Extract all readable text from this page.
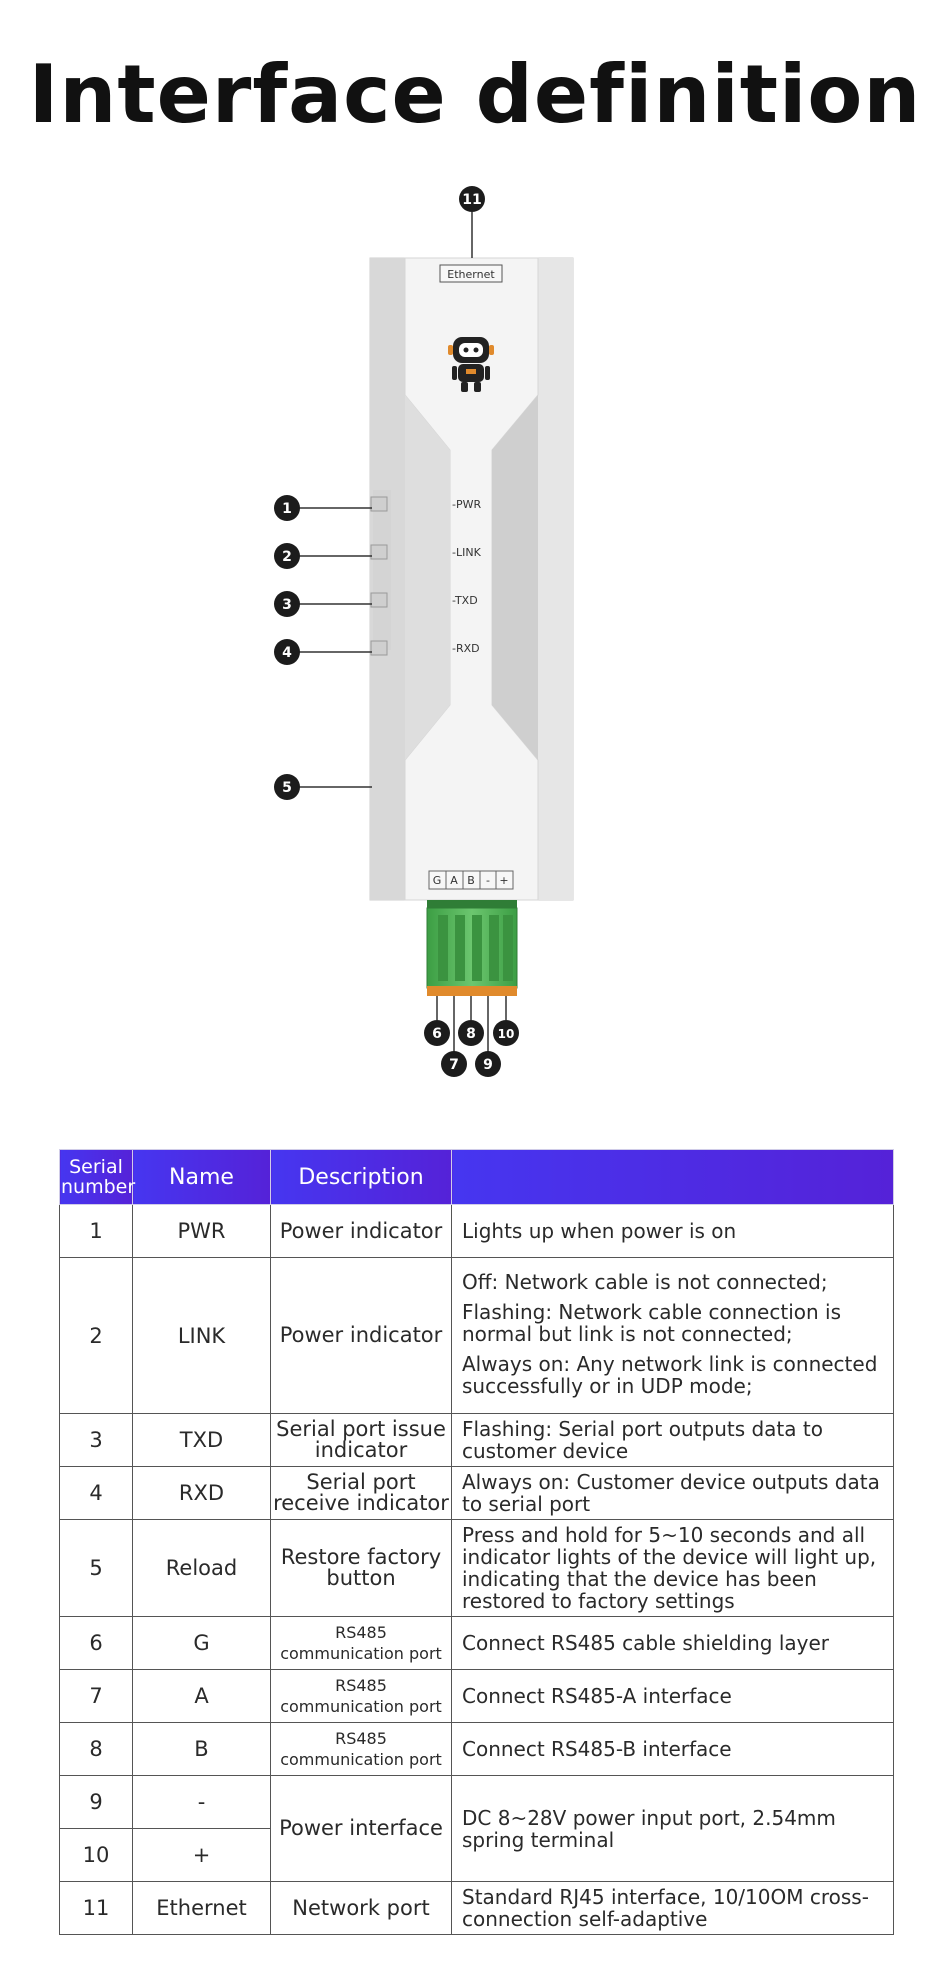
Interface definition
Ethernet
-PWR
-LINK
-TXD
-RXD
G A B - +
11
1
2
3
4
5
6
7
8
9
10
Serial number	Name	Description	
1	PWR	Power indicator	Lights up when power is on
2	LINK	Power indicator	Off: Network cable is not connected;

Flashing: Network cable connection is normal but link is not connected;

Always on: Any network link is connected successfully or in UDP mode;

3	TXD	Serial port issue indicator	Flashing: Serial port outputs data to customer device
4	RXD	Serial port receive indicator	Always on: Customer device outputs data to serial port
5	Reload	Restore factory button	Press and hold for 5~10 seconds and all indicator lights of the device will light up, indicating that the device has been restored to factory settings
6	G	RS485 communication port	Connect RS485 cable shielding layer
7	A	RS485 communication port	Connect RS485-A interface
8	B	RS485 communication port	Connect RS485-B interface
9	-	Power interface	DC 8~28V power input port, 2.54mm spring terminal
10	+		
11	Ethernet	Network port	Standard RJ45 interface, 10/10OM cross-connection self-adaptive
